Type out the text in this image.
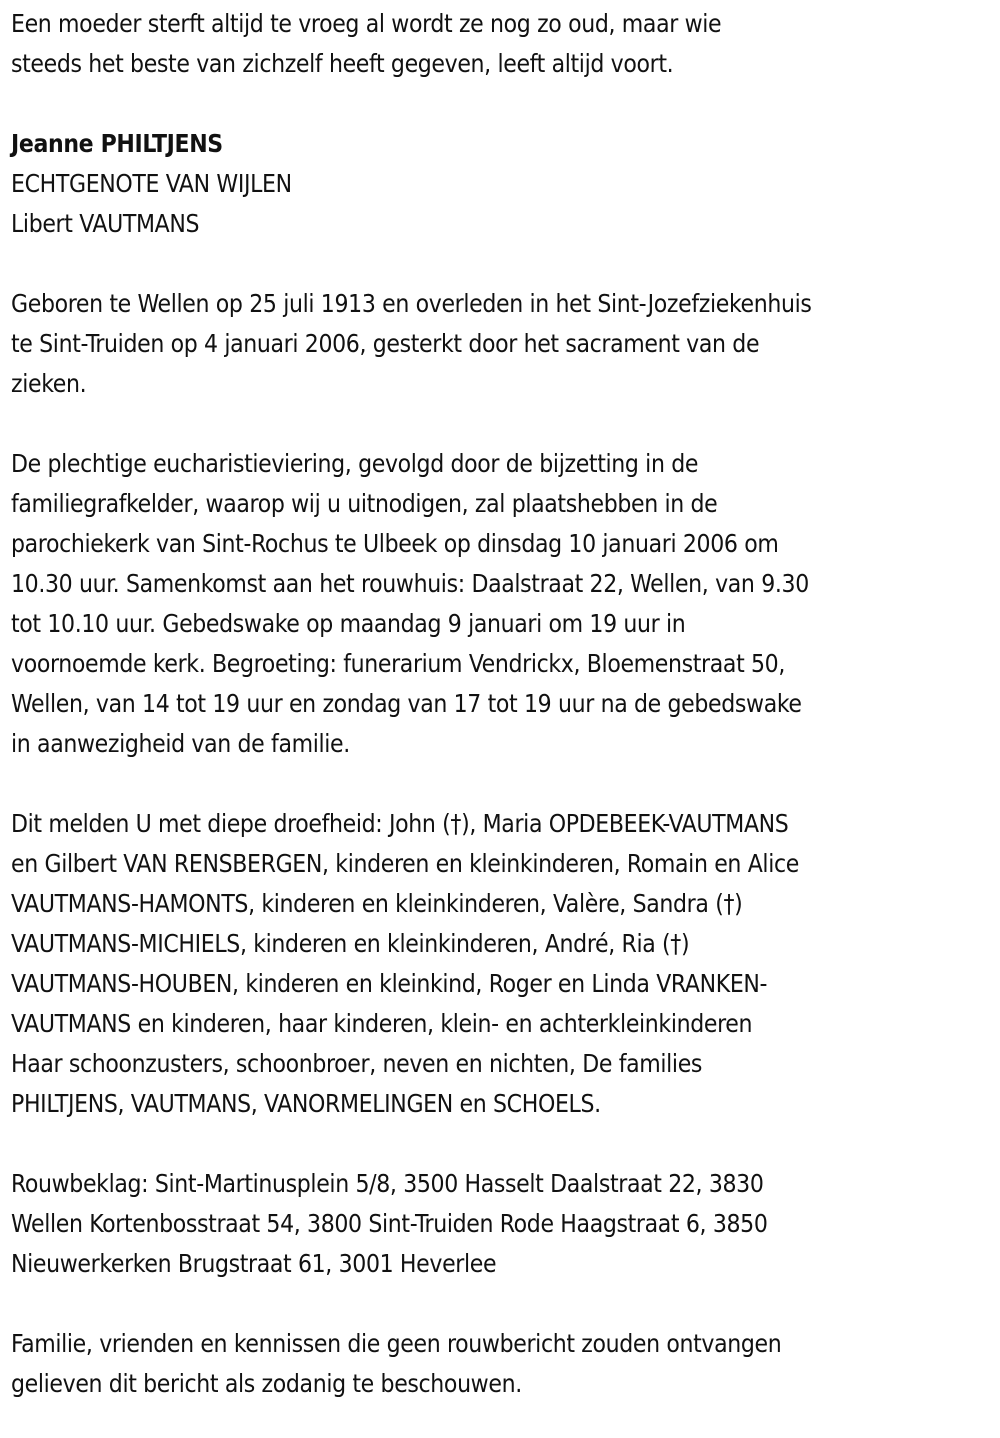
Een moeder sterft altijd te vroeg al wordt ze nog zo oud, maar wie
steeds het beste van zichzelf heeft gegeven, leeft altijd voort.
Jeanne PHILTJENS
ECHTGENOTE VAN WIJLEN
Libert VAUTMANS
Geboren te Wellen op 25 juli 1913 en overleden in het Sint-Jozefziekenhuis
te Sint-Truiden op 4 januari 2006, gesterkt door het sacrament van de
zieken.
De plechtige eucharistieviering, gevolgd door de bijzetting in de
familiegrafkelder, waarop wij u uitnodigen, zal plaatshebben in de
parochiekerk van Sint-Rochus te Ulbeek op dinsdag 10 januari 2006 om
10.30 uur. Samenkomst aan het rouwhuis: Daalstraat 22, Wellen, van 9.30
tot 10.10 uur. Gebedswake op maandag 9 januari om 19 uur in
voornoemde kerk. Begroeting: funerarium Vendrickx, Bloemenstraat 50,
Wellen, van 14 tot 19 uur en zondag van 17 tot 19 uur na de gebedswake
in aanwezigheid van de familie.
Dit melden U met diepe droefheid: John (†), Maria OPDEBEEK-VAUTMANS
en Gilbert VAN RENSBERGEN, kinderen en kleinkinderen, Romain en Alice
VAUTMANS-HAMONTS, kinderen en kleinkinderen, Valère, Sandra (†)
VAUTMANS-MICHIELS, kinderen en kleinkinderen, André, Ria (†)
VAUTMANS-HOUBEN, kinderen en kleinkind, Roger en Linda VRANKEN-
VAUTMANS en kinderen, haar kinderen, klein- en achterkleinkinderen
Haar schoonzusters, schoonbroer, neven en nichten, De families
PHILTJENS, VAUTMANS, VANORMELINGEN en SCHOELS.
Rouwbeklag: Sint-Martinusplein 5/8, 3500 Hasselt Daalstraat 22, 3830
Wellen Kortenbosstraat 54, 3800 Sint-Truiden Rode Haagstraat 6, 3850
Nieuwerkerken Brugstraat 61, 3001 Heverlee
Familie, vrienden en kennissen die geen rouwbericht zouden ontvangen
gelieven dit bericht als zodanig te beschouwen.
